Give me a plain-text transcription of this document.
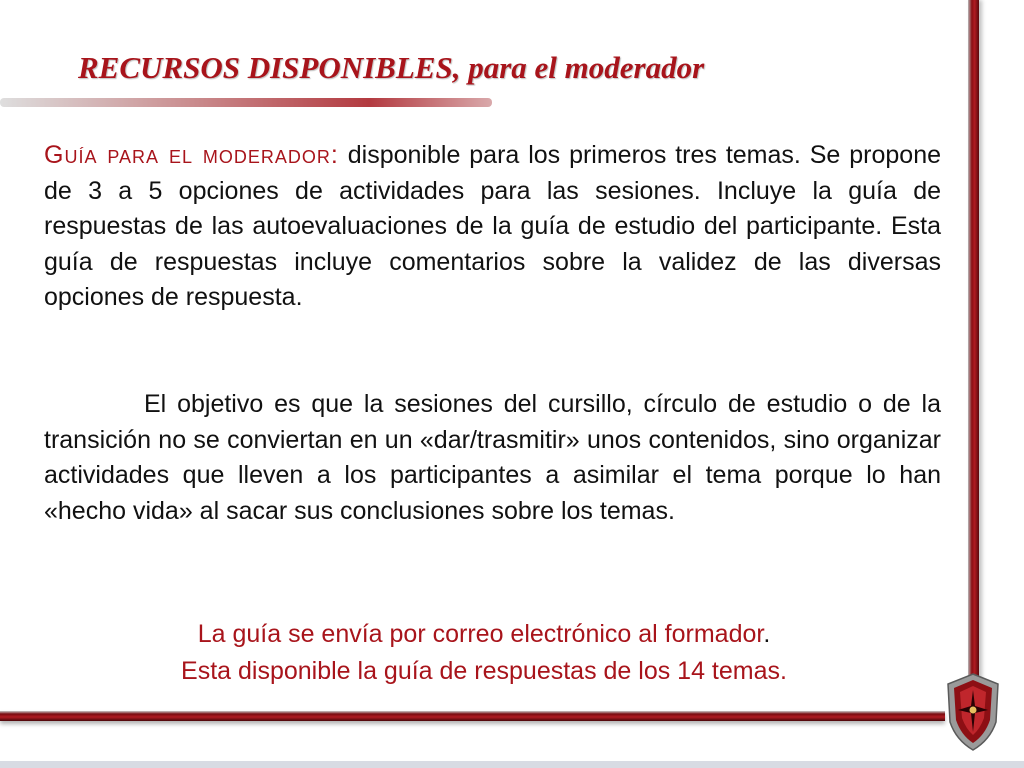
RECURSOS DISPONIBLES, para el moderador

Guía para el moderador: disponible para los primeros tres temas. Se propone de 3 a 5 opciones de actividades para las sesiones. Incluye la guía de respuestas de las autoevaluaciones de la guía de estudio del participante. Esta guía de respuestas incluye comentarios sobre la validez de las diversas opciones de respuesta.

El objetivo es que la sesiones del cursillo, círculo de estudio o de la transición no se conviertan en un «dar/trasmitir» unos contenidos, sino organizar actividades que lleven a los participantes a asimilar el tema porque lo han «hecho vida» al sacar sus conclusiones sobre los temas.

La guía se envía por correo electrónico al formador.

Esta disponible la guía de respuestas de los 14 temas.
